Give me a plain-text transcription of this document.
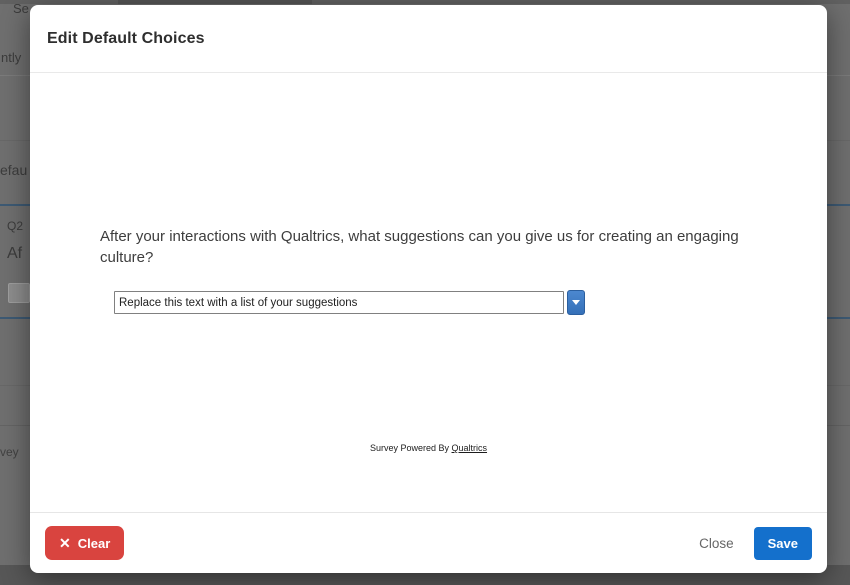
Se
ntly
efau
Q2
Af
vey
Edit Default Choices
After your interactions with Qualtrics, what suggestions can you give us for creating an engaging culture?
Replace this text with a list of your suggestions
Survey Powered By Qualtrics
✕ Clear	Close	Save
